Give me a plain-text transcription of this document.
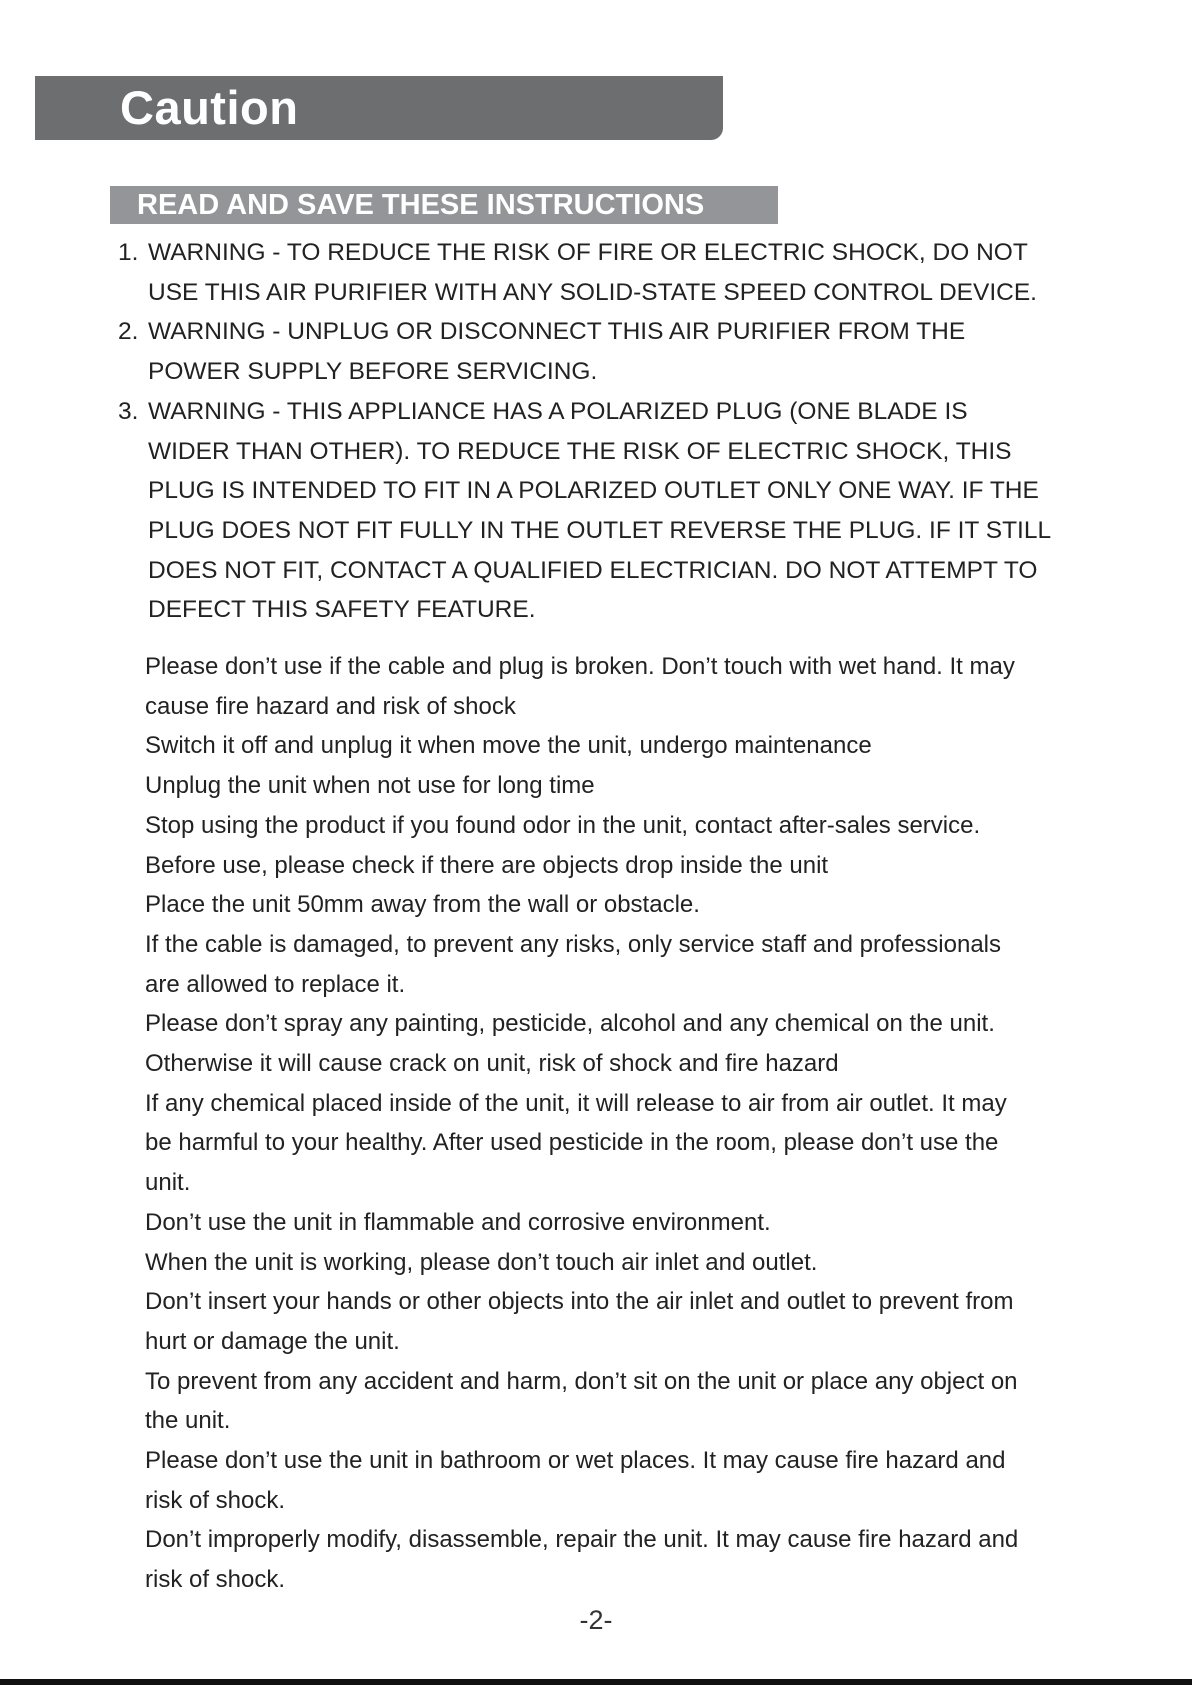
Caution
READ AND SAVE THESE INSTRUCTIONS
1. WARNING - TO REDUCE THE RISK OF FIRE OR ELECTRIC SHOCK, DO NOT
USE THIS AIR PURIFIER WITH ANY SOLID-STATE SPEED CONTROL DEVICE.
2. WARNING - UNPLUG OR DISCONNECT THIS AIR PURIFIER FROM THE
POWER SUPPLY BEFORE SERVICING.
3. WARNING - THIS APPLIANCE HAS A POLARIZED PLUG (ONE BLADE IS
WIDER THAN OTHER). TO REDUCE THE RISK OF ELECTRIC SHOCK, THIS
PLUG IS INTENDED TO FIT IN A POLARIZED OUTLET ONLY ONE WAY. IF THE
PLUG DOES NOT FIT FULLY IN THE OUTLET REVERSE THE PLUG. IF IT STILL
DOES NOT FIT, CONTACT A QUALIFIED ELECTRICIAN. DO NOT ATTEMPT TO
DEFECT THIS SAFETY FEATURE.
Please don’t use if the cable and plug is broken. Don’t touch with wet hand. It may
cause fire hazard and risk of shock
Switch it off and unplug it when move the unit, undergo maintenance
Unplug the unit when not use for long time
Stop using the product if you found odor in the unit, contact after-sales service.
Before use, please check if there are objects drop inside the unit
Place the unit 50mm away from the wall or obstacle.
If the cable is damaged, to prevent any risks, only service staff and professionals
are allowed to replace it.
Please don’t spray any painting, pesticide, alcohol and any chemical on the unit.
Otherwise it will cause crack on unit, risk of shock and fire hazard
If any chemical placed inside of the unit, it will release to air from air outlet. It may
be harmful to your healthy. After used pesticide in the room, please don’t use the
unit.
Don’t use the unit in flammable and corrosive environment.
When the unit is working, please don’t touch air inlet and outlet.
Don’t insert your hands or other objects into the air inlet and outlet to prevent from
hurt or damage the unit.
To prevent from any accident and harm, don’t sit on the unit or place any object on
the unit.
Please don’t use the unit in bathroom or wet places. It may cause fire hazard and
risk of shock.
Don’t improperly modify, disassemble, repair the unit. It may cause fire hazard and
risk of shock.
-2-
